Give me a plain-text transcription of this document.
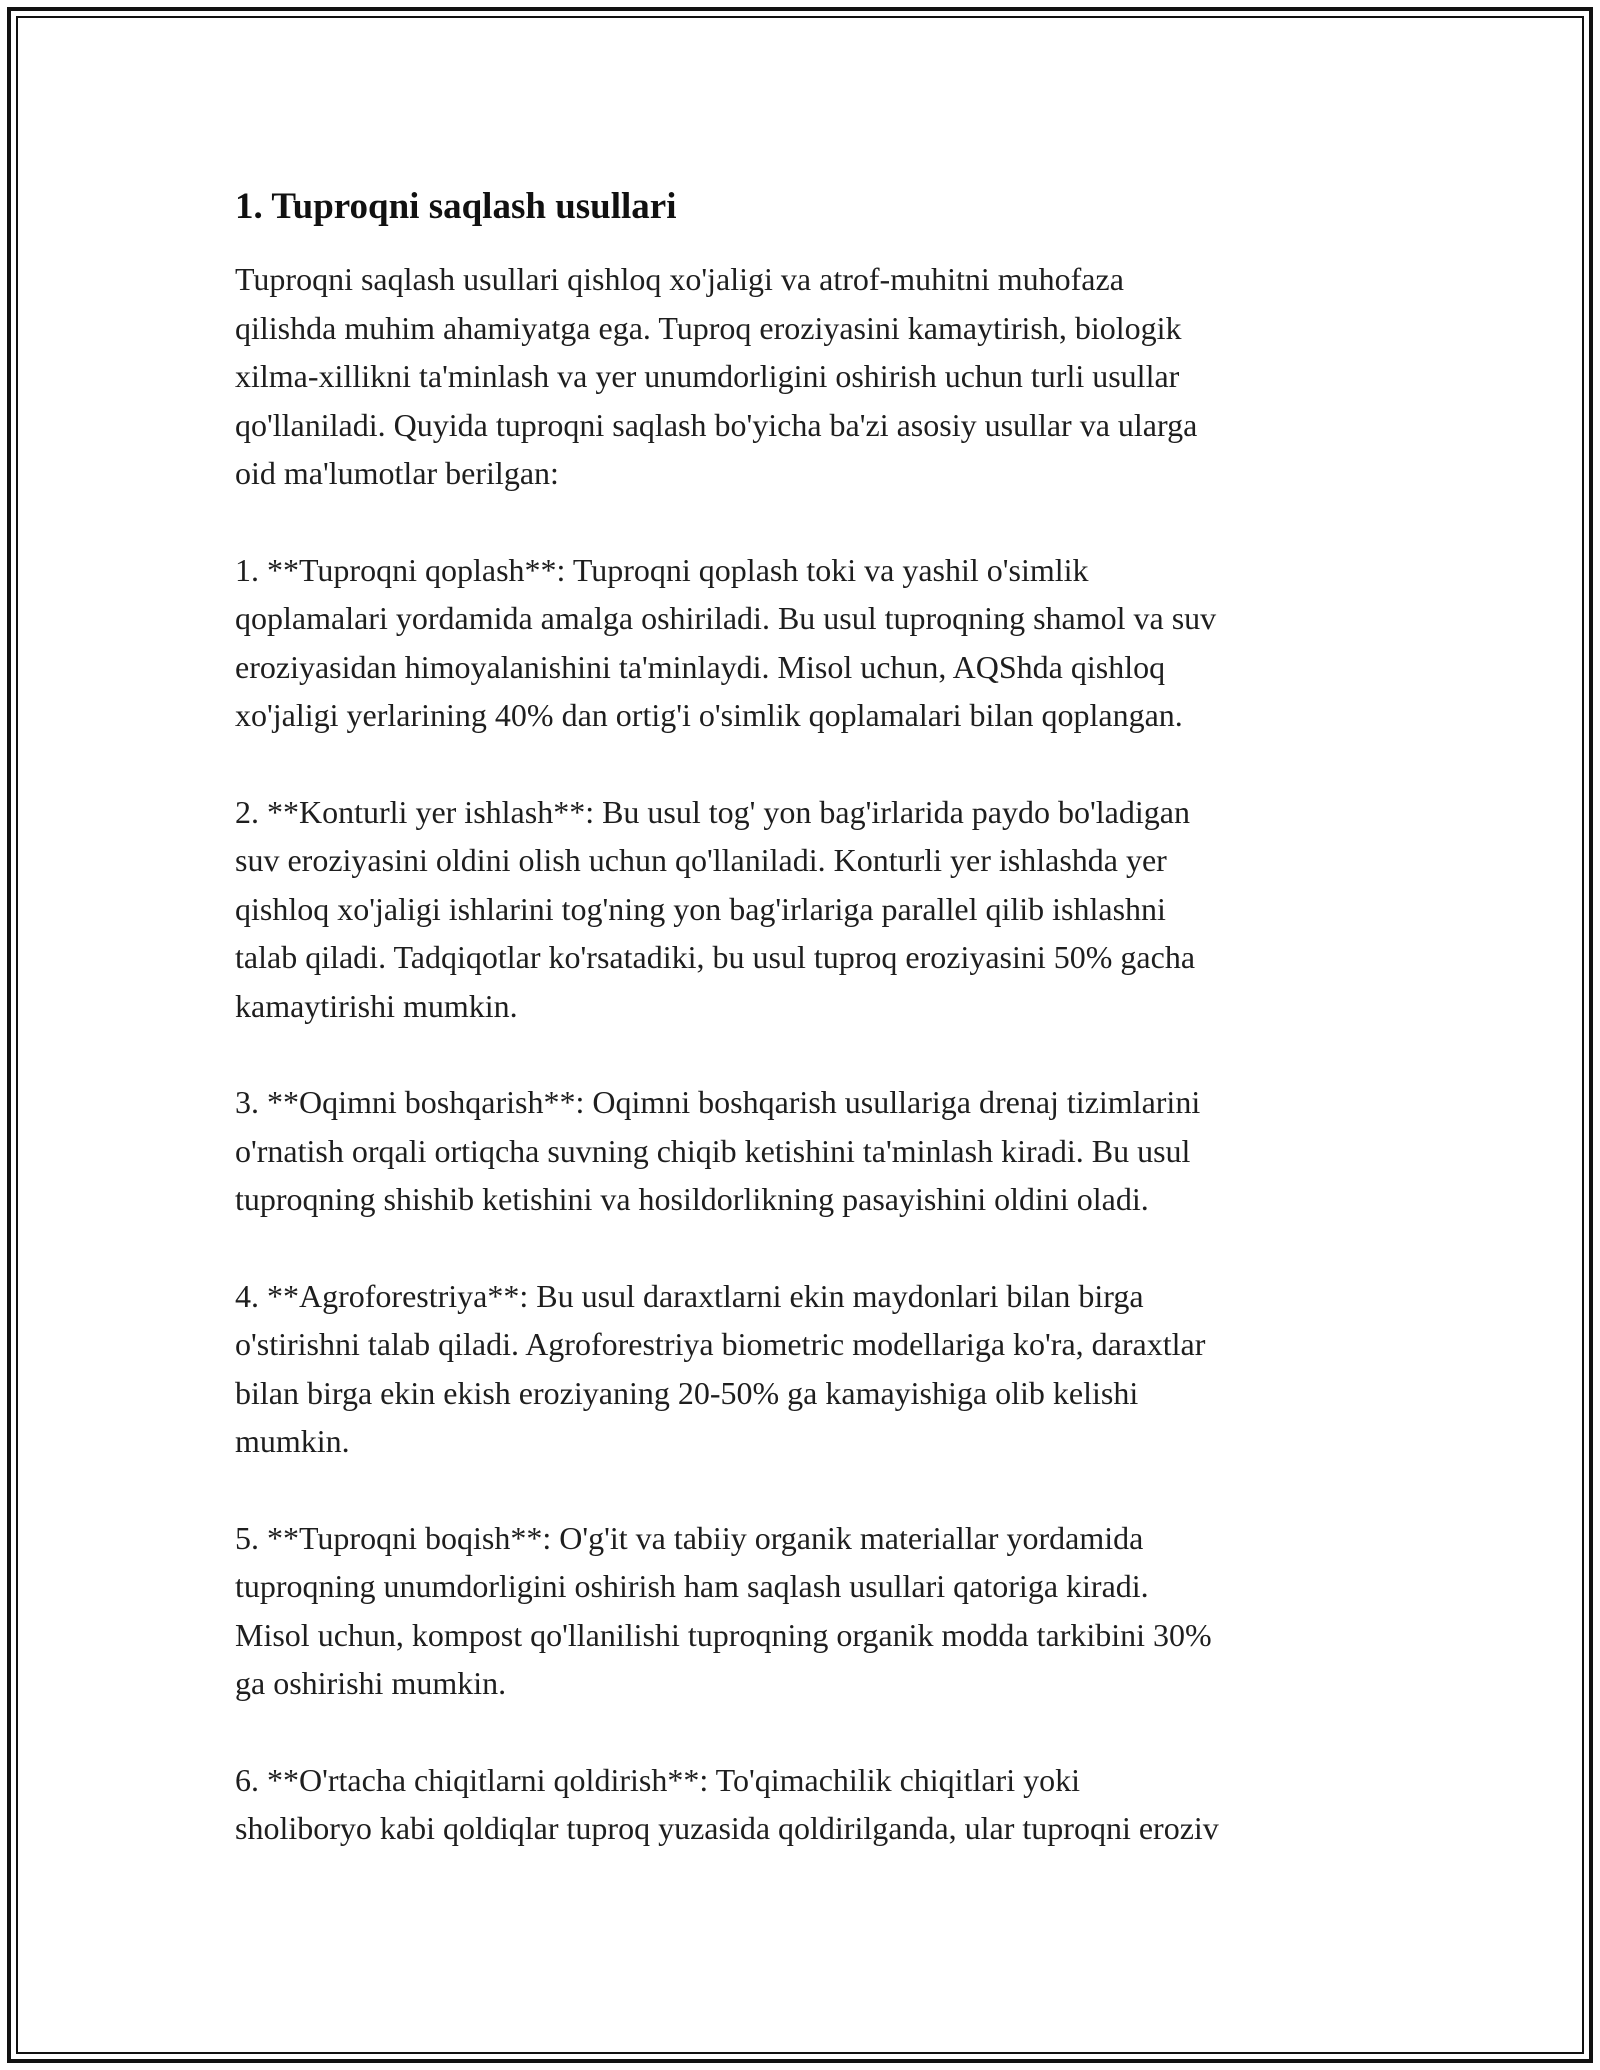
1. Tuproqni saqlash usullari

Tuproqni saqlash usullari qishloq xo'jaligi va atrof-muhitni muhofaza
qilishda muhim ahamiyatga ega. Tuproq eroziyasini kamaytirish, biologik
xilma-xillikni ta'minlash va yer unumdorligini oshirish uchun turli usullar
qo'llaniladi. Quyida tuproqni saqlash bo'yicha ba'zi asosiy usullar va ularga
oid ma'lumotlar berilgan:

1. **Tuproqni qoplash**: Tuproqni qoplash toki va yashil o'simlik
qoplamalari yordamida amalga oshiriladi. Bu usul tuproqning shamol va suv
eroziyasidan himoyalanishini ta'minlaydi. Misol uchun, AQShda qishloq
xo'jaligi yerlarining 40% dan ortig'i o'simlik qoplamalari bilan qoplangan.

2. **Konturli yer ishlash**: Bu usul tog' yon bag'irlarida paydo bo'ladigan
suv eroziyasini oldini olish uchun qo'llaniladi. Konturli yer ishlashda yer
qishloq xo'jaligi ishlarini tog'ning yon bag'irlariga parallel qilib ishlashni
talab qiladi. Tadqiqotlar ko'rsatadiki, bu usul tuproq eroziyasini 50% gacha
kamaytirishi mumkin.

3. **Oqimni boshqarish**: Oqimni boshqarish usullariga drenaj tizimlarini
o'rnatish orqali ortiqcha suvning chiqib ketishini ta'minlash kiradi. Bu usul
tuproqning shishib ketishini va hosildorlikning pasayishini oldini oladi.

4. **Agroforestriya**: Bu usul daraxtlarni ekin maydonlari bilan birga
o'stirishni talab qiladi. Agroforestriya biometric modellariga ko'ra, daraxtlar
bilan birga ekin ekish eroziyaning 20-50% ga kamayishiga olib kelishi
mumkin.

5. **Tuproqni boqish**: O'g'it va tabiiy organik materiallar yordamida
tuproqning unumdorligini oshirish ham saqlash usullari qatoriga kiradi.
Misol uchun, kompost qo'llanilishi tuproqning organik modda tarkibini 30%
ga oshirishi mumkin.

6. **O'rtacha chiqitlarni qoldirish**: To'qimachilik chiqitlari yoki
sholiboryo kabi qoldiqlar tuproq yuzasida qoldirilganda, ular tuproqni eroziv
